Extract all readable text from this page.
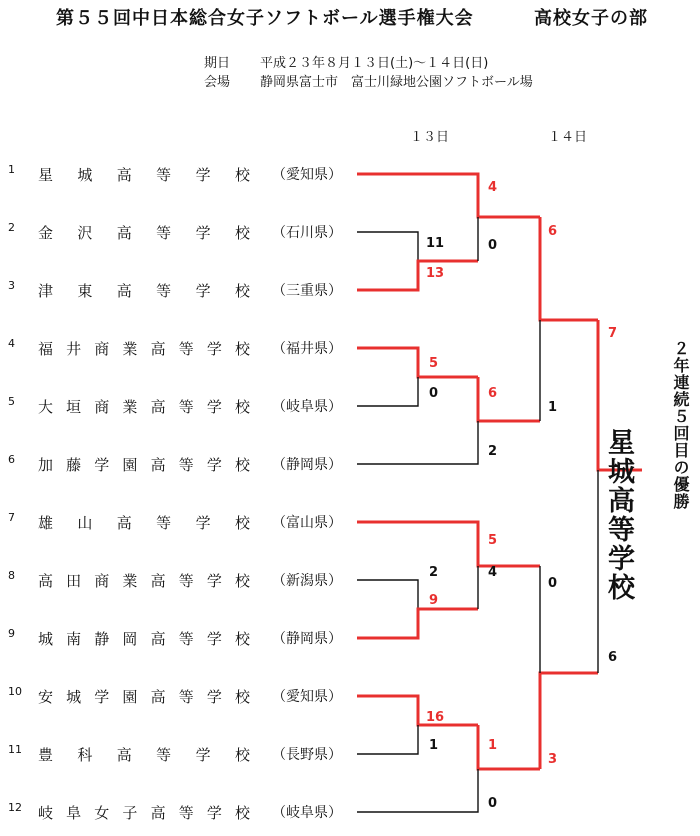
第５５回中日本総合女子ソフトボール選手権大会	高校女子の部
期日 平成２３年８月１３日(土)～１４日(日)
会場 静岡県富士市　富士川緑地公園ソフトボール場
１３日	１４日
1 星 城 高 等 学 校 （愛知県）
2 金 沢 高 等 学 校 （石川県）
3 津 東 高 等 学 校 （三重県）
4 福 井 商 業 高 等 学 校 （福井県）
5 大 垣 商 業 高 等 学 校 （岐阜県）
6 加 藤 学 園 高 等 学 校 （静岡県）
7 雄 山 高 等 学 校 （富山県）
8 高 田 商 業 高 等 学 校 （新潟県）
9 城 南 静 岡 高 等 学 校 （静岡県）
10 安 城 学 園 高 等 学 校 （愛知県）
11 豊 科 高 等 学 校 （長野県）
12 岐 阜 女 子 高 等 学 校 （岐阜県）
13
11
5
0
2
9
16
1
4
0
6
2
5
4
1
0
6
1
0
3
7
6
星城高等学校
２年連続５回目の優勝
